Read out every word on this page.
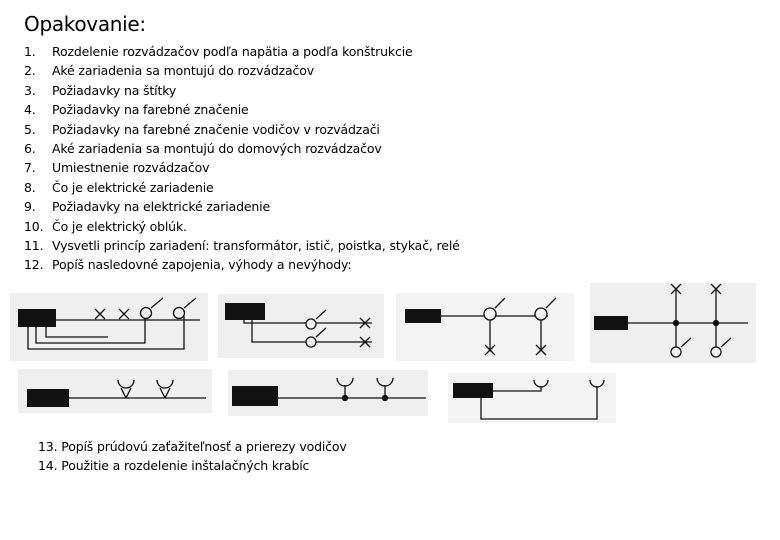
Opakovanie:
1.	Rozdelenie rozvádzačov podľa napätia a podľa konštrukcie
2.	Aké zariadenia sa montujú do rozvádzačov
3.	Požiadavky na štítky
4.	Požiadavky na farebné značenie
5.	Požiadavky na farebné značenie vodičov v rozvádzači
6.	Aké zariadenia sa montujú do domových rozvádzačov
7.	Umiestnenie rozvádzačov
8.	Čo je elektrické zariadenie
9.	Požiadavky na elektrické zariadenie
10. Čo je elektrický oblúk.
11. Vysvetli princíp zariadení: transformátor, istič, poistka, stykač, relé
12. Popíš nasledovné zapojenia, výhody a nevýhody:
13. Popíš prúdovú zaťažiteľnosť a prierezy vodičov
14. Použitie a rozdelenie inštalačných krabíc
